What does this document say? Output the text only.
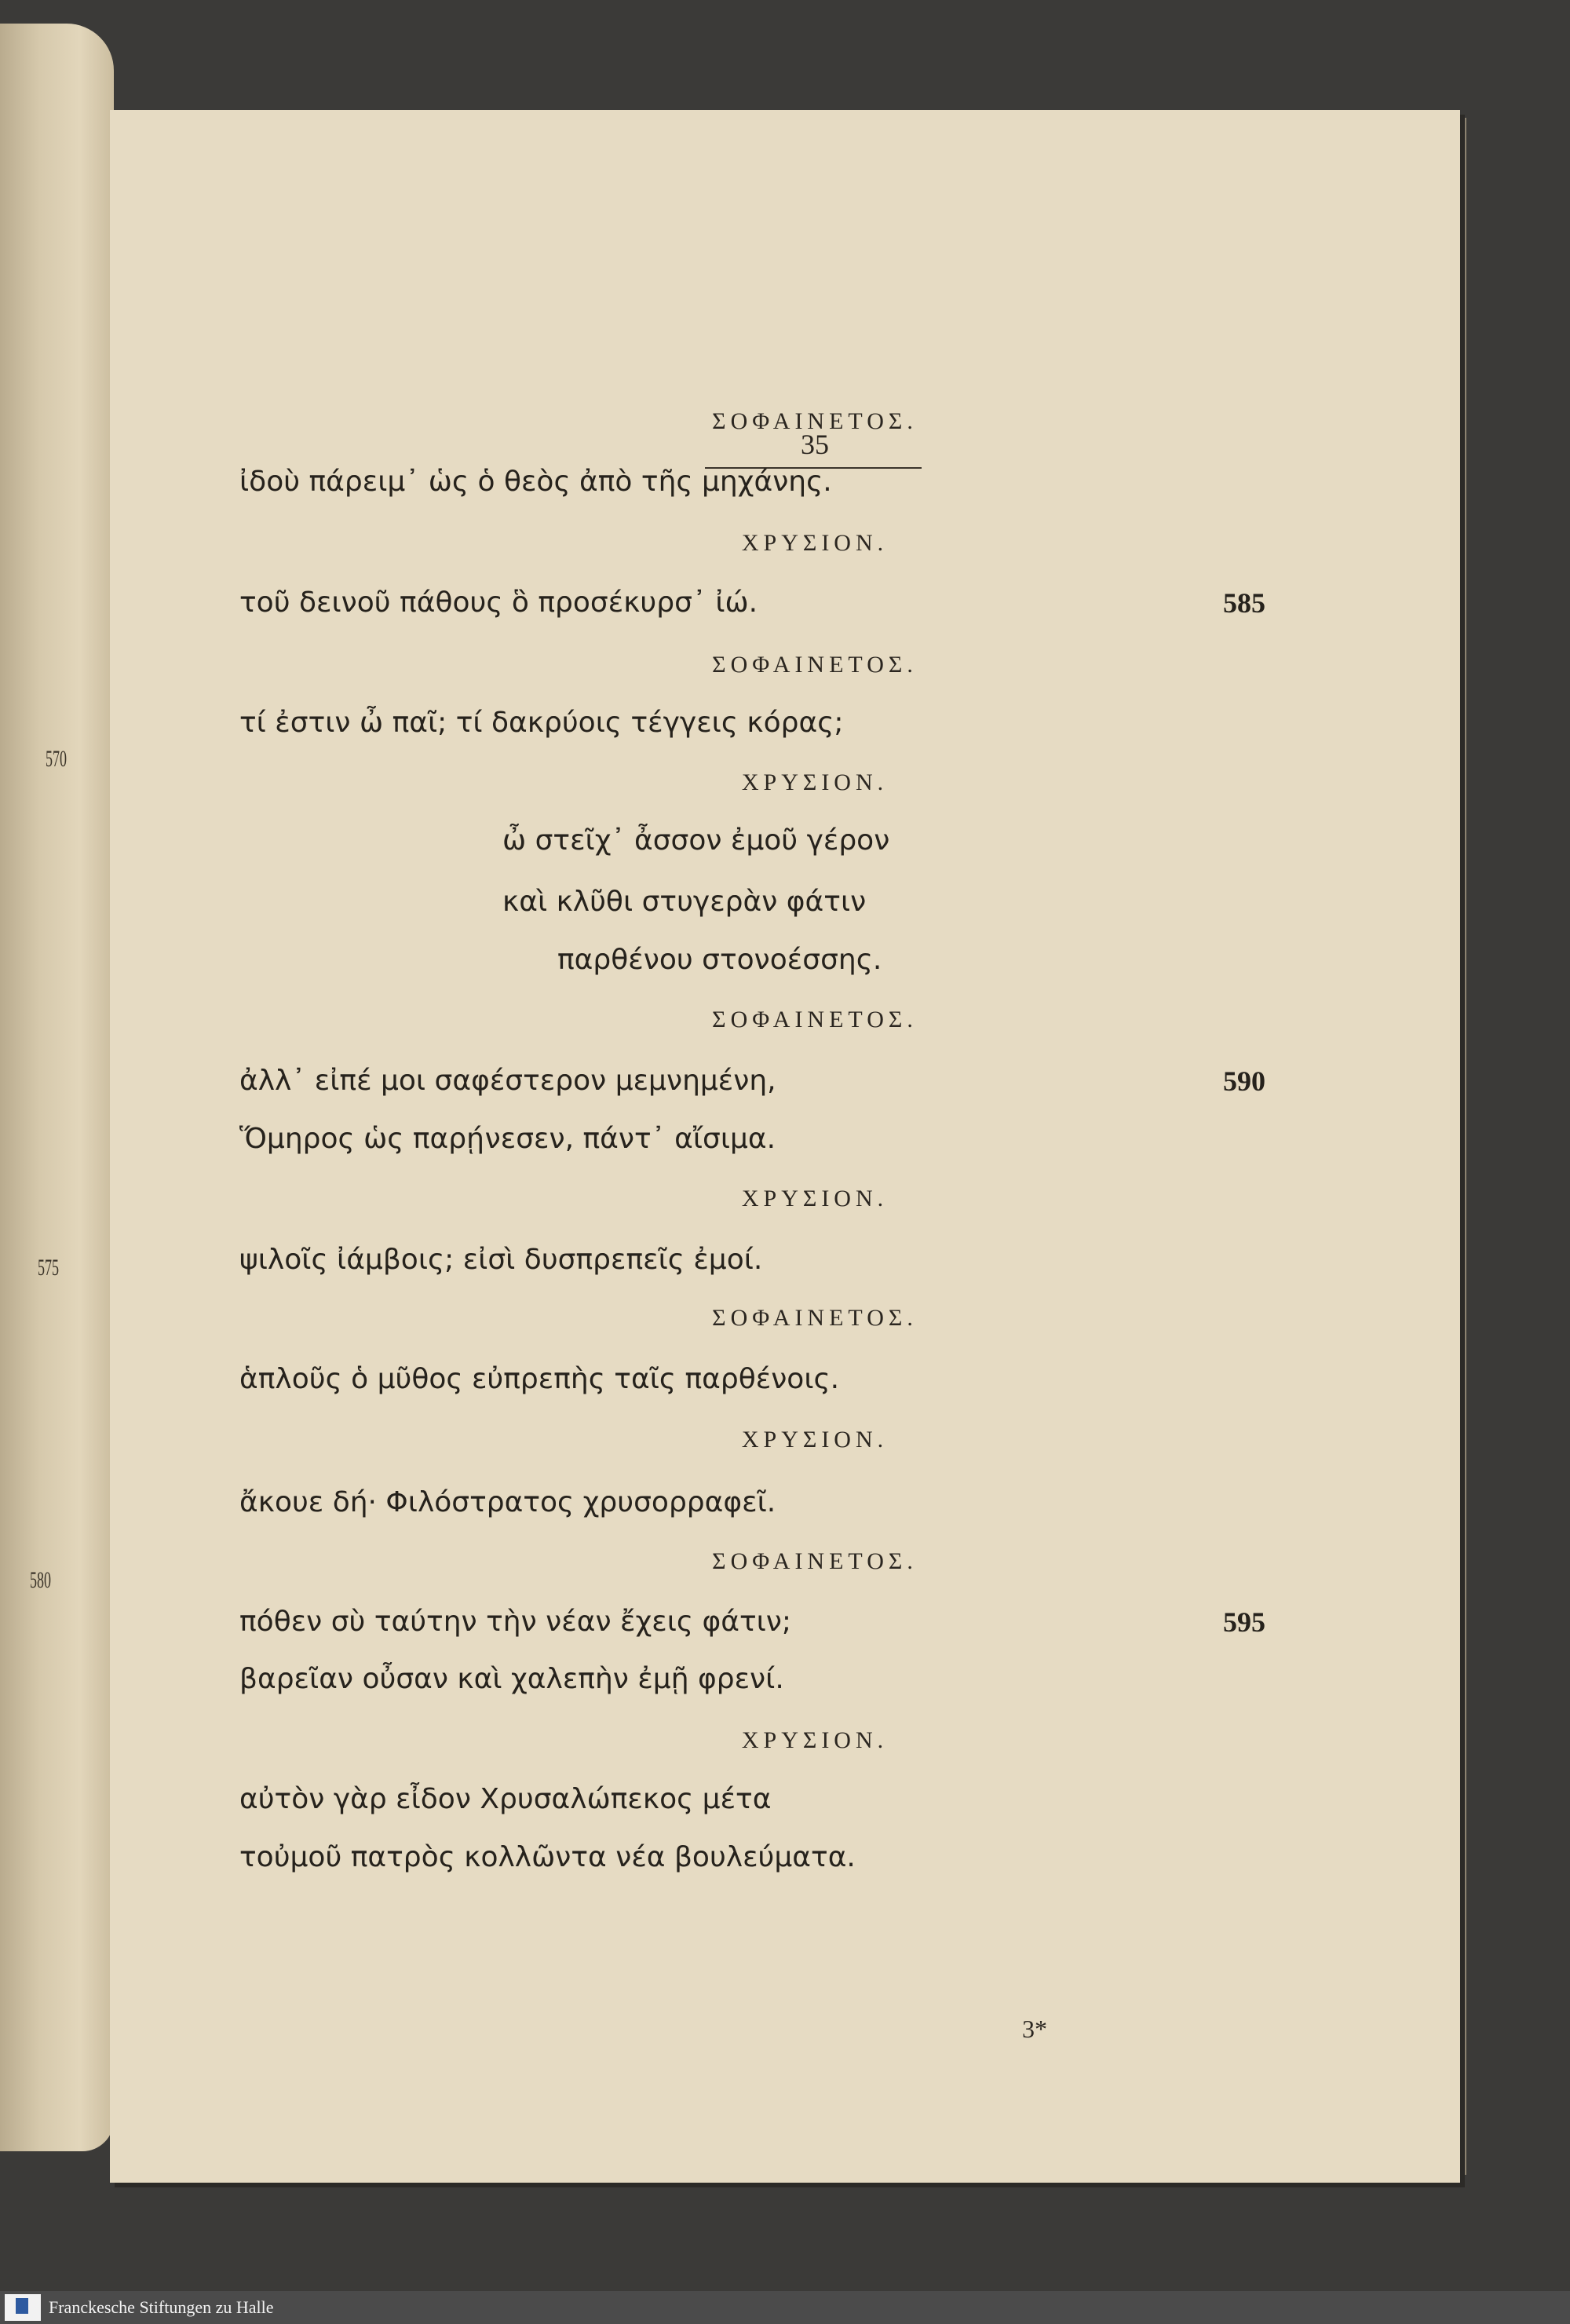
570
575
580
35
ΣΟΦΑΙΝΕΤΟΣ.
ἰδοὺ πάρειμ᾽ ὡς ὁ θεὸς ἀπὸ τῆς μηχάνης.
ΧΡΥΣΙΟΝ.
τοῦ δεινοῦ πάθους ὃ προσέκυρσ᾽ ἰώ.	585
ΣΟΦΑΙΝΕΤΟΣ.
τί ἐστιν ὦ παῖ; τί δακρύοις τέγγεις κόρας;
ΧΡΥΣΙΟΝ.
ὦ στεῖχ᾽ ἆσσον ἐμοῦ γέρον
καὶ κλῦθι στυγερὰν φάτιν
παρθένου στονοέσσης.
ΣΟΦΑΙΝΕΤΟΣ.
ἀλλ᾽ εἰπέ μοι σαφέστερον μεμνημένη,	590
Ὅμηρος ὡς παρῄνεσεν, πάντ᾽ αἴσιμα.
ΧΡΥΣΙΟΝ.
ψιλοῖς ἰάμβοις; εἰσὶ δυσπρεπεῖς ἐμοί.
ΣΟΦΑΙΝΕΤΟΣ.
ἁπλοῦς ὁ μῦθος εὐπρεπὴς ταῖς παρθένοις.
ΧΡΥΣΙΟΝ.
ἄκουε δή· Φιλόστρατος χρυσορραφεῖ.
ΣΟΦΑΙΝΕΤΟΣ.
πόθεν σὺ ταύτην τὴν νέαν ἔχεις φάτιν;	595
βαρεῖαν οὖσαν καὶ χαλεπὴν ἐμῇ φρενί.
ΧΡΥΣΙΟΝ.
αὐτὸν γὰρ εἶδον Χρυσαλώπεκος μέτα
τοὐμοῦ πατρὸς κολλῶντα νέα βουλεύματα.
3*
Franckesche Stiftungen zu Halle
